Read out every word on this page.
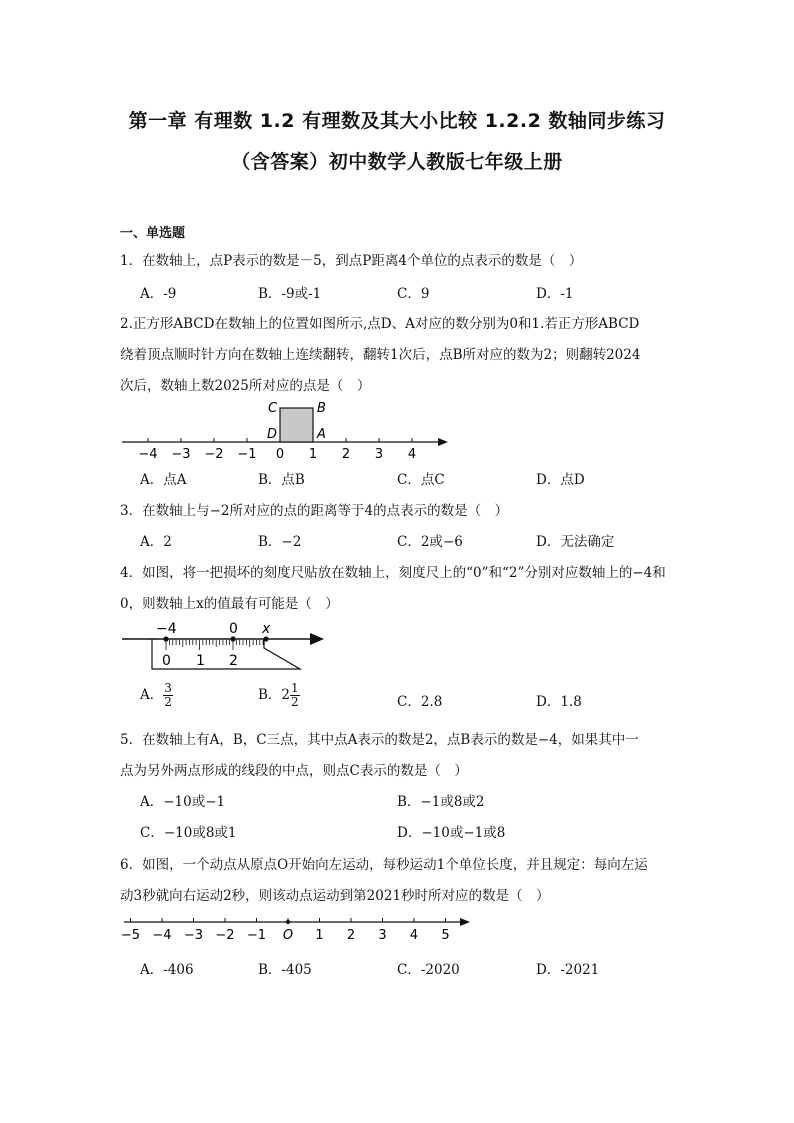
第一章 有理数 1.2 有理数及其大小比较 1.2.2 数轴同步练习
（含答案）初中数学人教版七年级上册
一、单选题
1．在数轴上，点P表示的数是－5，到点P距离4个单位的点表示的数是（　）
A．-9	B．-9或-1	C．9	D．-1
2.正方形ABCD在数轴上的位置如图所示,点D、A对应的数分别为0和1.若正方形ABCD
绕着顶点顺时针方向在数轴上连续翻转，翻转1次后，点B所对应的数为2；则翻转2024
次后，数轴上数2025所对应的点是（　）
−4 −3 −2 −1 0 1 2 3 4
C	B
D	A
A．点A	B．点B	C．点C	D．点D
3．在数轴上与−2所对应的点的距离等于4的点表示的数是（　）
A．2	B．−2	C．2或−6	D．无法确定
4．如图，将一把损坏的刻度尺贴放在数轴上，刻度尺上的“0”和“2”分别对应数轴上的−4和
0，则数轴上x的值最有可能是（　）
−4	0 x
0 1 2
A． $\frac{3}{2}$	B．$2 \frac{1}{2}$	C．2.8	D．1.8
5．在数轴上有A，B，C三点，其中点A表示的数是2，点B表示的数是−4，如果其中一
点为另外两点形成的线段的中点，则点C表示的数是（　）
A．−10或−1	B．−1或8或2
C．−10或8或1	D．−10或−1或8
6．如图，一个动点从原点O开始向左运动，每秒运动1个单位长度，并且规定：每向左运
动3秒就向右运动2秒，则该动点运动到第2021秒时所对应的数是（　）
−5 −4 −3 −2 −1 O 1 2 3 4 5
A．-406	B．-405	C．-2020	D．-2021
